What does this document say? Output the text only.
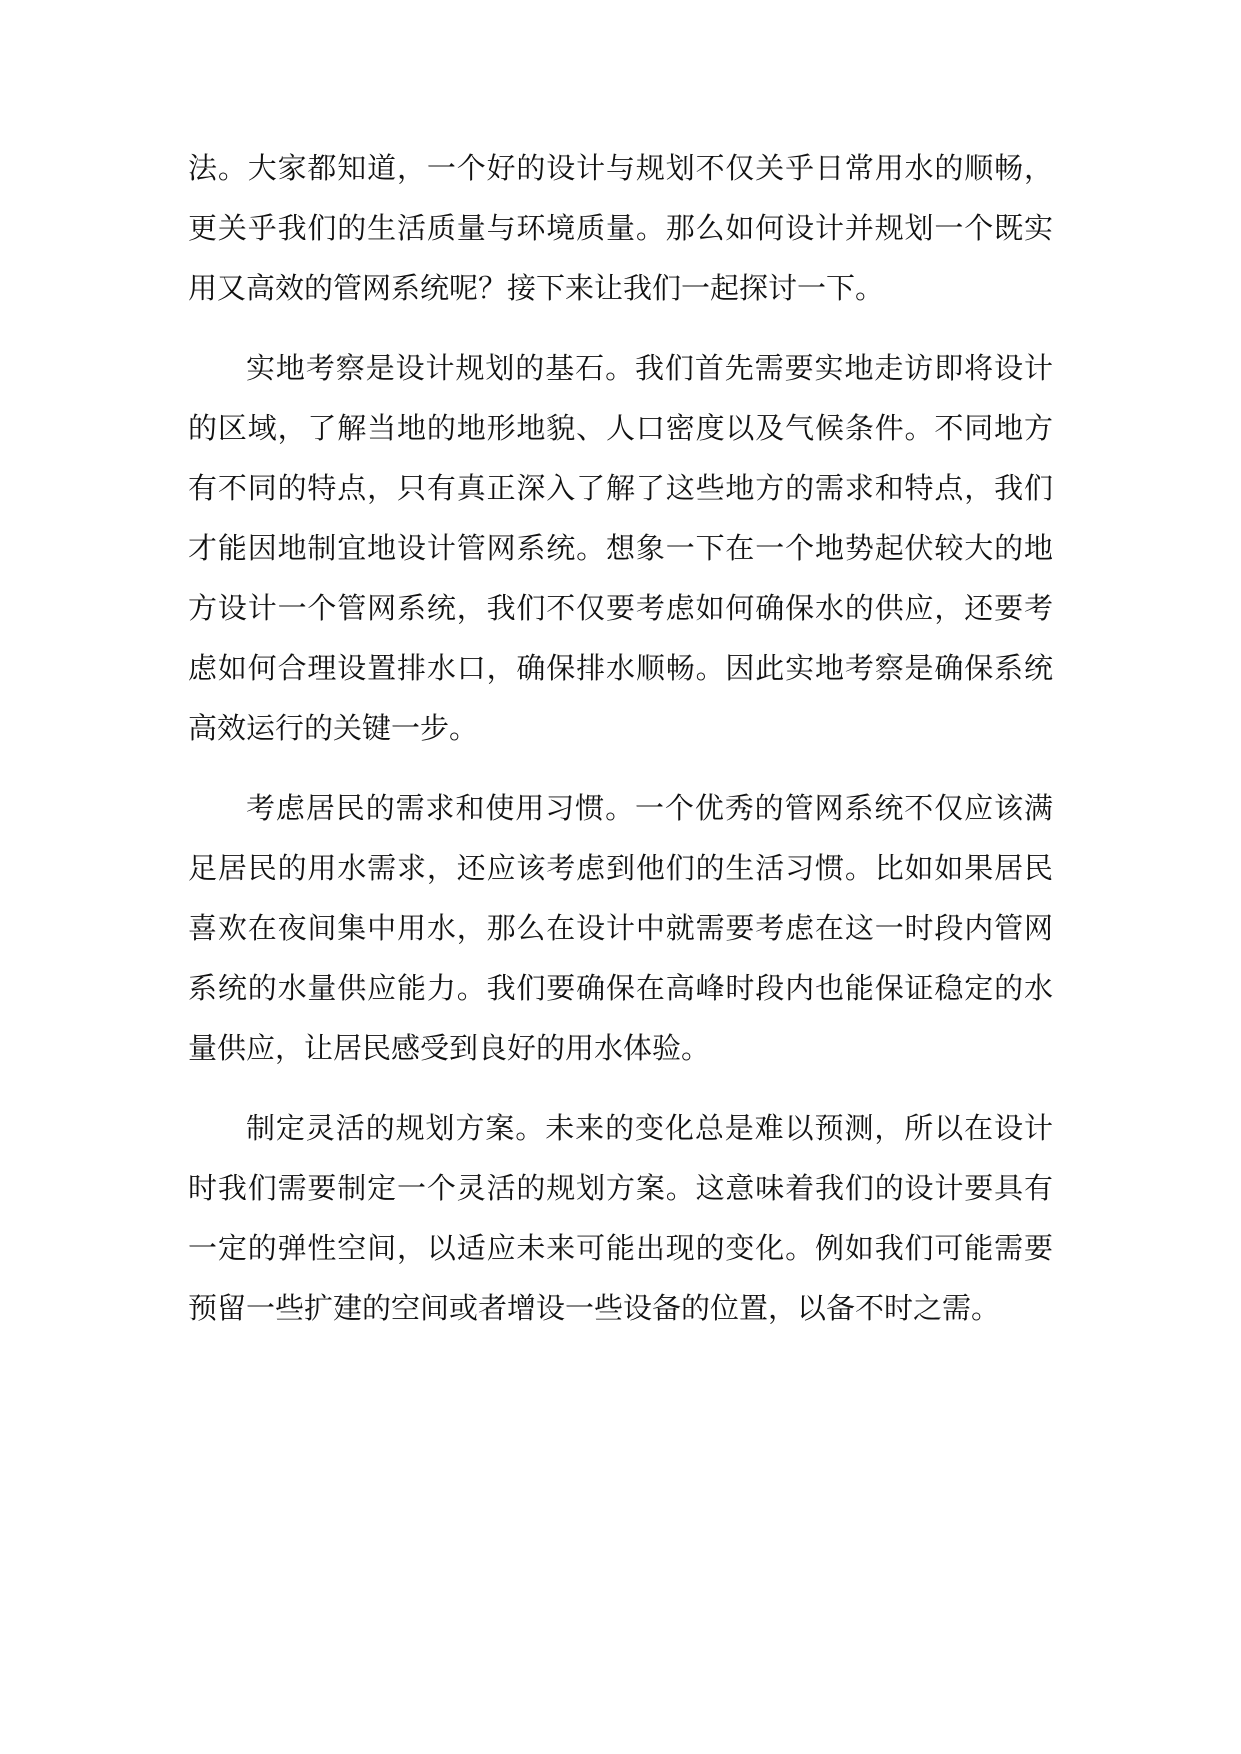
法。大家都知道，一个好的设计与规划不仅关乎日常用水的顺畅，更关乎我们的生活质量与环境质量。那么如何设计并规划一个既实用又高效的管网系统呢？接下来让我们一起探讨一下。

实地考察是设计规划的基石。我们首先需要实地走访即将设计的区域，了解当地的地形地貌、人口密度以及气候条件。不同地方有不同的特点，只有真正深入了解了这些地方的需求和特点，我们才能因地制宜地设计管网系统。想象一下在一个地势起伏较大的地方设计一个管网系统，我们不仅要考虑如何确保水的供应，还要考虑如何合理设置排水口，确保排水顺畅。因此实地考察是确保系统高效运行的关键一步。

考虑居民的需求和使用习惯。一个优秀的管网系统不仅应该满足居民的用水需求，还应该考虑到他们的生活习惯。比如如果居民喜欢在夜间集中用水，那么在设计中就需要考虑在这一时段内管网系统的水量供应能力。我们要确保在高峰时段内也能保证稳定的水量供应，让居民感受到良好的用水体验。

制定灵活的规划方案。未来的变化总是难以预测，所以在设计时我们需要制定一个灵活的规划方案。这意味着我们的设计要具有一定的弹性空间，以适应未来可能出现的变化。例如我们可能需要预留一些扩建的空间或者增设一些设备的位置，以备不时之需。
